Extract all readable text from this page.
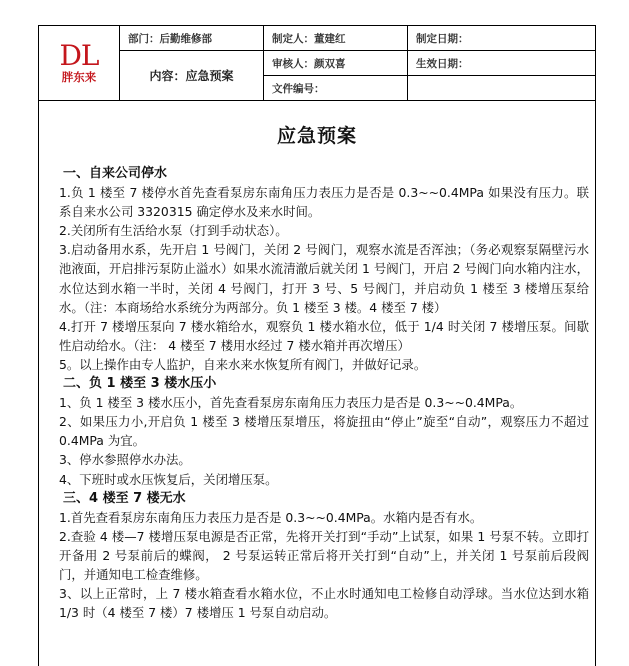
DL
胖东来	部门：后勤维修部	制定人：董建红	制定日期：
	内容：应急预案	审核人：颜双喜	生效日期：
		文件编号：	
应急预案
一、自来公司停水

1.负 1 楼至 7 楼停水首先查看泵房东南角压力表压力是否是 0.3~~0.4MPa 如果没有压力。联系自来水公司 3320315 确定停水及来水时间。

2.关闭所有生活给水泵（打到手动状态）。

3.启动备用水系，先开启 1 号阀门，关闭 2 号阀门，观察水流是否浑浊；（务必观察泵隔壁污水池液面，开启排污泵防止溢水）如果水流清澈后就关闭 1 号阀门，开启 2 号阀门向水箱内注水，水位达到水箱一半时，关闭 4 号阀门，打开 3 号、5 号阀门，并启动负 1 楼至 3 楼增压泵给水。（注：本商场给水系统分为两部分。负 1 楼至 3 楼。4 楼至 7 楼）

4.打开 7 楼增压泵向 7 楼水箱给水，观察负 1 楼水箱水位，低于 1/4 时关闭 7 楼增压泵。间歇性启动给水。（注： 4 楼至 7 楼用水经过 7 楼水箱并再次增压）

5。以上操作由专人监护，自来水来水恢复所有阀门，并做好记录。

二、负 1 楼至 3 楼水压小

1、负 1 楼至 3 楼水压小，首先查看泵房东南角压力表压力是否是 0.3~~0.4MPa。

2、如果压力小,开启负 1 楼至 3 楼增压泵增压，将旋扭由“停止”旋至“自动”，观察压力不超过 0.4MPa 为宜。

3、停水参照停水办法。

4、下班时或水压恢复后，关闭增压泵。

三、4 楼至 7 楼无水

1.首先查看泵房东南角压力表压力是否是 0.3~~0.4MPa。水箱内是否有水。

2.查验 4 楼—7 楼增压泵电源是否正常，先将开关打到“手动”上试泵，如果 1 号泵不转。立即打开备用 2 号泵前后的蝶阀， 2 号泵运转正常后将开关打到“自动”上，并关闭 1 号泵前后段阀门，并通知电工检查维修。

3、以上正常时，上 7 楼水箱查看水箱水位，不止水时通知电工检修自动浮球。当水位达到水箱 1/3 时（4 楼至 7 楼）7 楼增压 1 号泵自动启动。
